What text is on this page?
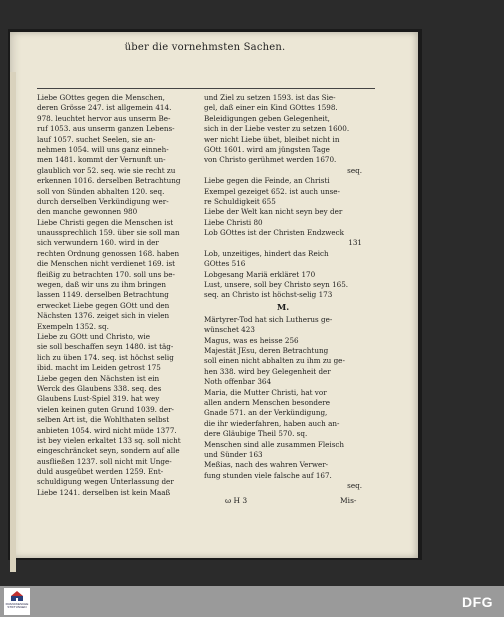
über die vornehmsten Sachen.
Liebe GOttes gegen die Menschen,
deren Grösse 247. ist allgemein 414.
978. leuchtet hervor aus unserm Be-
ruf 1053. aus unserm ganzen Lebens-
lauf 1057. suchet Seelen, sie an-
nehmen 1054. will uns ganz einneh-
men 1481. kommt der Vernunft un-
glaublich vor 52. seq. wie sie recht zu
erkennen 1016. derselben Betrachtung
soll von Sünden abhalten 120. seq.
durch derselben Verkündigung wer-
den manche gewonnen 980
Liebe Christi gegen die Menschen ist
unaussprechlich 159. über sie soll man
sich verwundern 160. wird in der
rechten Ordnung genossen 168. haben
die Menschen nicht verdienet 169. ist
fleißig zu betrachten 170. soll uns be-
wegen, daß wir uns zu ihm bringen
lassen 1149. derselben Betrachtung
erwecket Liebe gegen GOtt und den
Nächsten 1376. zeiget sich in vielen
Exempeln 1352. sq.
Liebe zu GOtt und Christo, wie
sie soll beschaffen seyn 1480. ist täg-
lich zu üben 174. seq. ist höchst selig
ibid. macht im Leiden getrost 175
Liebe gegen den Nächsten ist ein
Werck des Glaubens 338. seq. des
Glaubens Lust-Spiel 319. hat wey
vielen keinen guten Grund 1039. der-
selben Art ist, die Wohlthaten selbst
anbieten 1054. wird nicht müde 1377.
ist bey vielen erkaltet 133 sq. soll nicht
eingeschräncket seyn, sondern auf alle
ausfließen 1237. soll nicht mit Unge-
duld ausgeübet werden 1259. Ent-
schuldigung wegen Unterlassung der
Liebe 1241. derselben ist kein Maaß
und Ziel zu setzen 1593. ist das Sie-
gel, daß einer ein Kind GOttes 1598.
Beleidigungen geben Gelegenheit,
sich in der Liebe vester zu setzen 1600.
wer nicht Liebe übet, bleibet nicht in
GOtt 1601. wird am jüngsten Tage
von Christo gerühmet werden 1670.
seq.
Liebe gegen die Feinde, an Christi
Exempel gezeiget 652. ist auch unse-
re Schuldigkeit 655
Liebe der Welt kan nicht seyn bey der
Liebe Christi 80
Lob GOttes ist der Christen Endzweck
131
Lob, unzeitiges, hindert das Reich
GOttes 516
Lobgesang Mariä erkläret 170
Lust, unsere, soll bey Christo seyn 165.
seq. an Christo ist höchst-selig 173
M.
Märtyrer-Tod hat sich Lutherus ge-
wünschet 423
Magus, was es heisse 256
Majestät JEsu, deren Betrachtung
soll einen nicht abhalten zu ihm zu ge-
hen 338. wird bey Gelegenheit der
Noth offenbar 364
Maria, die Mutter Christi, hat vor
allen andern Menschen besondere
Gnade 571. an der Verkündigung,
die ihr wiederfahren, haben auch an-
dere Gläubige Theil 570. sq.
Menschen sind alle zusammen Fleisch
und Sünder 163
Meßias, nach des wahren Verwer-
fung stunden viele falsche auf 167.
seq.
ω H 3	Mis-
FRANCKESCHE STIFTUNGEN	DFG
